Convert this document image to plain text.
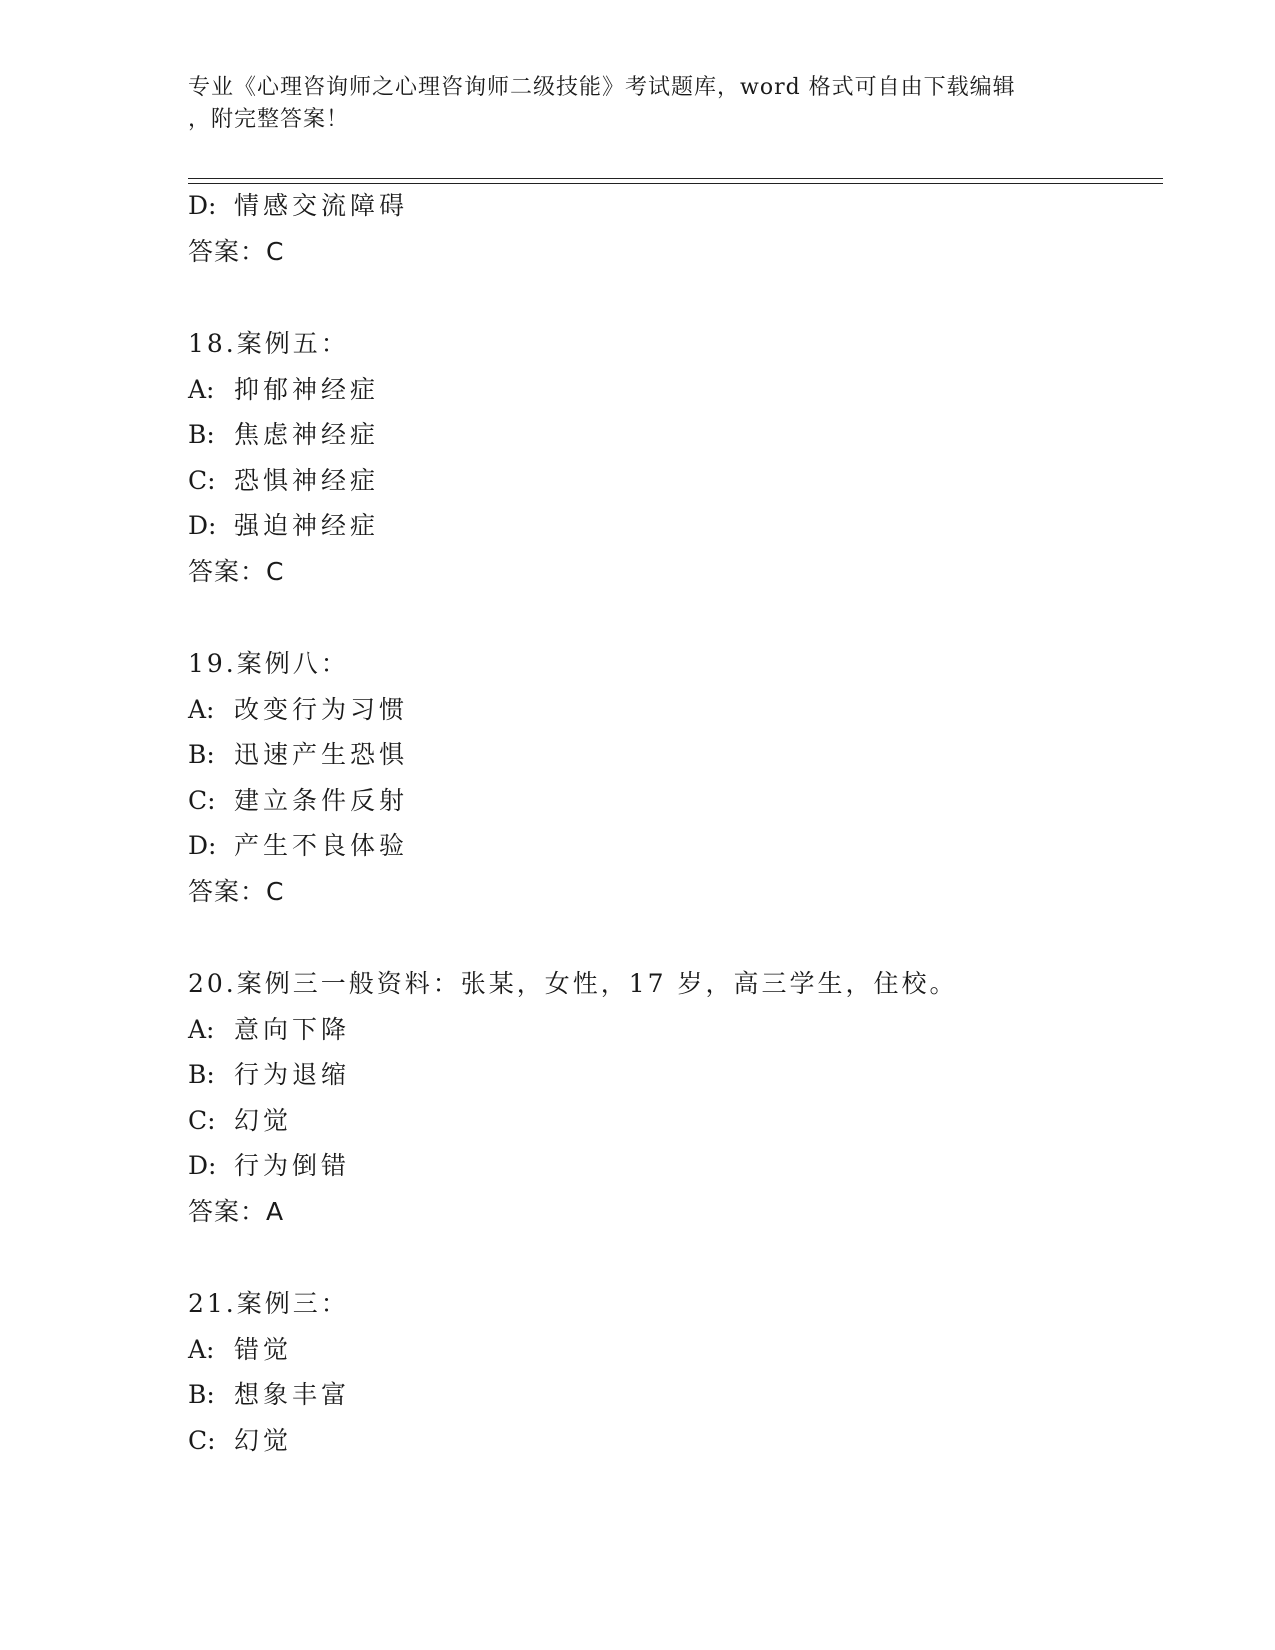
专业《心理咨询师之心理咨询师二级技能》考试题库，word 格式可自由下载编辑
，附完整答案！
D: 情感交流障碍
答案：C
18.案例五：
A: 抑郁神经症
B: 焦虑神经症
C: 恐惧神经症
D: 强迫神经症
答案：C
19.案例八：
A: 改变行为习惯
B: 迅速产生恐惧
C: 建立条件反射
D: 产生不良体验
答案：C
20.案例三一般资料：张某，女性，17 岁，高三学生，住校。
A: 意向下降
B: 行为退缩
C: 幻觉
D: 行为倒错
答案：A
21.案例三：
A: 错觉
B: 想象丰富
C: 幻觉
